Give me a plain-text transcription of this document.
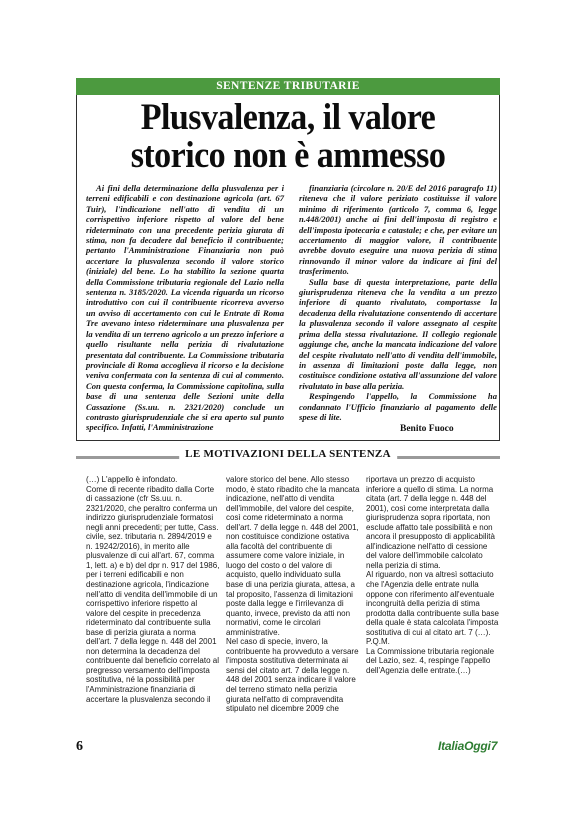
SENTENZE TRIBUTARIE
Plusvalenza, il valore
storico non è ammesso

Ai fini della determinazione della plusvalenza per i terreni edificabili e con destinazione agricola (art. 67 Tuir), l'indicazione nell'atto di vendita di un corrispettivo inferiore rispetto al valore del bene rideterminato con una precedente perizia giurata di stima, non fa decadere dal beneficio il contribuente; pertanto l'Amministrazione Finanziaria non può accertare la plusvalenza secondo il valore storico (iniziale) del bene. Lo ha stabilito la sezione quarta della Commissione tributaria regionale del Lazio nella sentenza n. 3185/2020. La vicenda riguarda un ricorso introduttivo con cui il contribuente ricorreva avverso un avviso di accertamento con cui le Entrate di Roma Tre avevano inteso rideterminare una plusvalenza per la vendita di un terreno agricolo a un prezzo inferiore a quello risultante nella perizia di rivalutazione presentata dal contribuente. La Commissione tributaria provinciale di Roma accoglieva il ricorso e la decisione veniva confermata con la sentenza di cui al commento. Con questa conferma, la Commissione capitolina, sulla base di una sentenza delle Sezioni unite della Cassazione (Ss.uu. n. 2321/2020) conclude un contrasto giurisprudenziale che si era aperto sul punto specifico. Infatti, l'Amministrazione

finanziaria (circolare n. 20/E del 2016 paragrafo 11) riteneva che il valore periziato costituisse il valore minimo di riferimento (articolo 7, comma 6, legge n.448/2001) anche ai fini dell'imposta di registro e dell'imposta ipotecaria e catastale; e che, per evitare un accertamento di maggior valore, il contribuente avrebbe dovuto eseguire una nuova perizia di stima rinnovando il minor valore da indicare ai fini del trasferimento.

Sulla base di questa interpretazione, parte della giurisprudenza riteneva che la vendita a un prezzo inferiore di quanto rivalutato, comportasse la decadenza della rivalutazione consentendo di accertare la plusvalenza secondo il valore assegnato al cespite prima della stessa rivalutazione. Il collegio regionale aggiunge che, anche la mancata indicazione del valore del cespite rivalutato nell'atto di vendita dell'immobile, in assenza di limitazioni poste dalla legge, non costituisce condizione ostativa all'assunzione del valore rivalutato in base alla perizia.

Respingendo l'appello, la Commissione ha condannato l'Ufficio finanziario al pagamento delle spese di lite.

Benito Fuoco
LE MOTIVAZIONI DELLA SENTENZA

(…) L'appello è infondato.

Come di recente ribadito dalla Corte di cassazione (cfr Ss.uu. n. 2321/2020, che peraltro conferma un indirizzo giurisprudenziale formatosi negli anni precedenti; per tutte, Cass. civile, sez. tributaria n. 2894/2019 e n. 19242/2016), in merito alle plusvalenze di cui all'art. 67, comma 1, lett. a) e b) del dpr n. 917 del 1986, per i terreni edificabili e non destinazione agricola, l'indicazione nell'atto di vendita dell'immobile di un corrispettivo inferiore rispetto al valore del cespite in precedenza rideterminato dal contribuente sulla base di perizia giurata a norma dell'art. 7 della legge n. 448 del 2001 non determina la decadenza del contribuente dal beneficio correlato al pregresso versamento dell'imposta sostitutiva, né la possibilità per l'Amministrazione finanziaria di accertare la plusvalenza secondo il

valore storico del bene. Allo stesso modo, è stato ribadito che la mancata indicazione, nell'atto di vendita dell'immobile, del valore del cespite, così come rideterminato a norma dell'art. 7 della legge n. 448 del 2001, non costituisce condizione ostativa alla facoltà del contribuente di assumere come valore iniziale, in luogo del costo o del valore di acquisto, quello individuato sulla base di una perizia giurata, attesa, a tal proposito, l'assenza di limitazioni poste dalla legge e l'irrilevanza di quanto, invece, previsto da atti non normativi, come le circolari amministrative.

Nel caso di specie, invero, la contribuente ha provveduto a versare l'imposta sostitutiva determinata ai sensi del citato art. 7 della legge n. 448 del 2001 senza indicare il valore del terreno stimato nella perizia giurata nell'atto di compravendita stipulato nel dicembre 2009 che

riportava un prezzo di acquisto inferiore a quello di stima. La norma citata (art. 7 della legge n. 448 del 2001), così come interpretata dalla giurisprudenza sopra riportata, non esclude affatto tale possibilità e non ancora il presupposto di applicabilità all'indicazione nell'atto di cessione del valore dell'immobile calcolato nella perizia di stima.

Al riguardo, non va altresì sottaciuto che l'Agenzia delle entrate nulla oppone con riferimento all'eventuale incongruità della perizia di stima prodotta dalla contribuente sulla base della quale è stata calcolata l'imposta sostitutiva di cui al citato art. 7 (…).

P.Q.M.

La Commissione tributaria regionale del Lazio, sez. 4, respinge l'appello dell'Agenzia delle entrate.(…)

6	ItaliaOggi7
